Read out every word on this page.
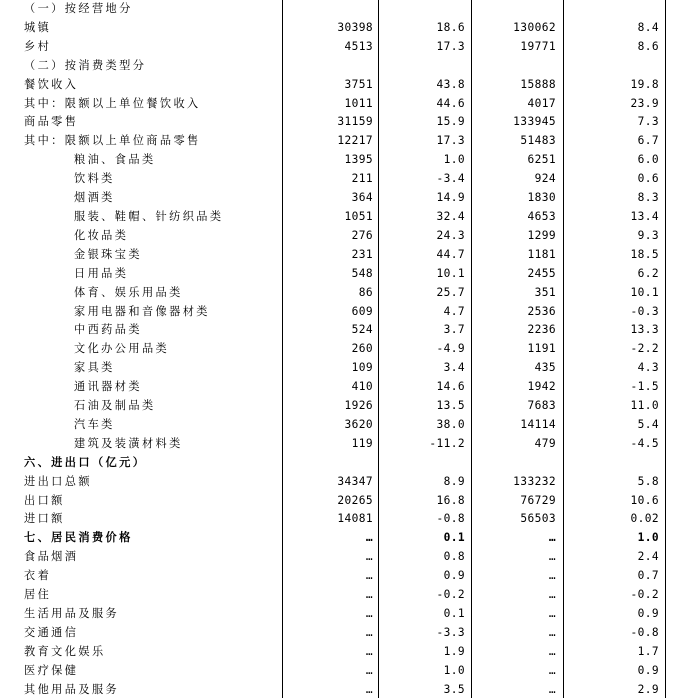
（一）按经营地分					
城镇	30398	18.6	130062	8.4	
乡村	4513	17.3	19771	8.6	
（二）按消费类型分					
餐饮收入	3751	43.8	15888	19.8	
其中：限额以上单位餐饮收入	1011	44.6	4017	23.9	
商品零售	31159	15.9	133945	7.3	
其中：限额以上单位商品零售	12217	17.3	51483	6.7	
粮油、食品类	1395	1.0	6251	6.0	
饮料类	211	-3.4	924	0.6	
烟酒类	364	14.9	1830	8.3	
服装、鞋帽、针纺织品类	1051	32.4	4653	13.4	
化妆品类	276	24.3	1299	9.3	
金银珠宝类	231	44.7	1181	18.5	
日用品类	548	10.1	2455	6.2	
体育、娱乐用品类	86	25.7	351	10.1	
家用电器和音像器材类	609	4.7	2536	-0.3	
中西药品类	524	3.7	2236	13.3	
文化办公用品类	260	-4.9	1191	-2.2	
家具类	109	3.4	435	4.3	
通讯器材类	410	14.6	1942	-1.5	
石油及制品类	1926	13.5	7683	11.0	
汽车类	3620	38.0	14114	5.4	
建筑及装潢材料类	119	-11.2	479	-4.5	
六、进出口（亿元）					
进出口总额	34347	8.9	133232	5.8	
出口额	20265	16.8	76729	10.6	
进口额	14081	-0.8	56503	0.02	
七、居民消费价格	…	0.1	…	1.0	
食品烟酒	…	0.8	…	2.4	
衣着	…	0.9	…	0.7	
居住	…	-0.2	…	-0.2	
生活用品及服务	…	0.1	…	0.9	
交通通信	…	-3.3	…	-0.8	
教育文化娱乐	…	1.9	…	1.7	
医疗保健	…	1.0	…	0.9	
其他用品及服务	…	3.5	…	2.9	
